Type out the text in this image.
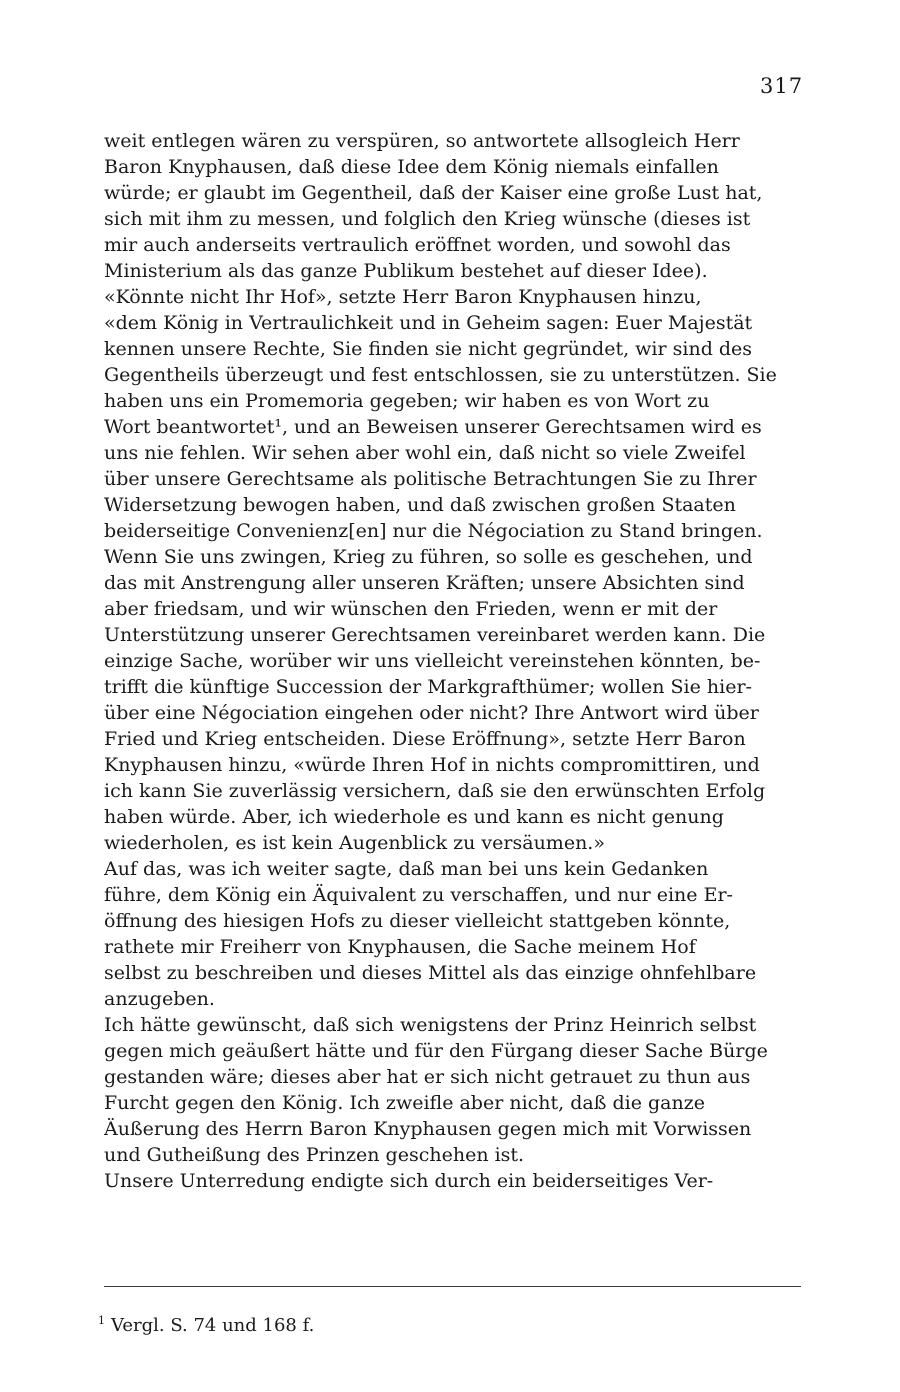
317
weit entlegen wären zu verspüren, so antwortete allsogleich Herr
Baron Knyphausen, daß diese Idee dem König niemals einfallen
würde; er glaubt im Gegentheil, daß der Kaiser eine große Lust hat,
sich mit ihm zu messen, und folglich den Krieg wünsche (dieses ist
mir auch anderseits vertraulich eröffnet worden, und sowohl das
Ministerium als das ganze Publikum bestehet auf dieser Idee).
«Könnte nicht Ihr Hof», setzte Herr Baron Knyphausen hinzu,
«dem König in Vertraulichkeit und in Geheim sagen: Euer Majestät
kennen unsere Rechte, Sie finden sie nicht gegründet, wir sind des
Gegentheils überzeugt und fest entschlossen, sie zu unterstützen. Sie
haben uns ein Promemoria gegeben; wir haben es von Wort zu
Wort beantwortet¹, und an Beweisen unserer Gerechtsamen wird es
uns nie fehlen. Wir sehen aber wohl ein, daß nicht so viele Zweifel
über unsere Gerechtsame als politische Betrachtungen Sie zu Ihrer
Widersetzung bewogen haben, und daß zwischen großen Staaten
beiderseitige Convenienz[en] nur die Négociation zu Stand bringen.
Wenn Sie uns zwingen, Krieg zu führen, so solle es geschehen, und
das mit Anstrengung aller unseren Kräften; unsere Absichten sind
aber friedsam, und wir wünschen den Frieden, wenn er mit der
Unterstützung unserer Gerechtsamen vereinbaret werden kann. Die
einzige Sache, worüber wir uns vielleicht vereinstehen könnten, be-
trifft die künftige Succession der Markgrafthümer; wollen Sie hier-
über eine Négociation eingehen oder nicht? Ihre Antwort wird über
Fried und Krieg entscheiden. Diese Eröffnung», setzte Herr Baron
Knyphausen hinzu, «würde Ihren Hof in nichts compromittiren, und
ich kann Sie zuverlässig versichern, daß sie den erwünschten Erfolg
haben würde. Aber, ich wiederhole es und kann es nicht genung
wiederholen, es ist kein Augenblick zu versäumen.»
Auf das, was ich weiter sagte, daß man bei uns kein Gedanken
führe, dem König ein Äquivalent zu verschaffen, und nur eine Er-
öffnung des hiesigen Hofs zu dieser vielleicht stattgeben könnte,
rathete mir Freiherr von Knyphausen, die Sache meinem Hof
selbst zu beschreiben und dieses Mittel als das einzige ohnfehlbare
anzugeben.
Ich hätte gewünscht, daß sich wenigstens der Prinz Heinrich selbst
gegen mich geäußert hätte und für den Fürgang dieser Sache Bürge
gestanden wäre; dieses aber hat er sich nicht getrauet zu thun aus
Furcht gegen den König. Ich zweifle aber nicht, daß die ganze
Äußerung des Herrn Baron Knyphausen gegen mich mit Vorwissen
und Gutheißung des Prinzen geschehen ist.
Unsere Unterredung endigte sich durch ein beiderseitiges Ver-
$^1$ Vergl. S. 74 und 168 f.
